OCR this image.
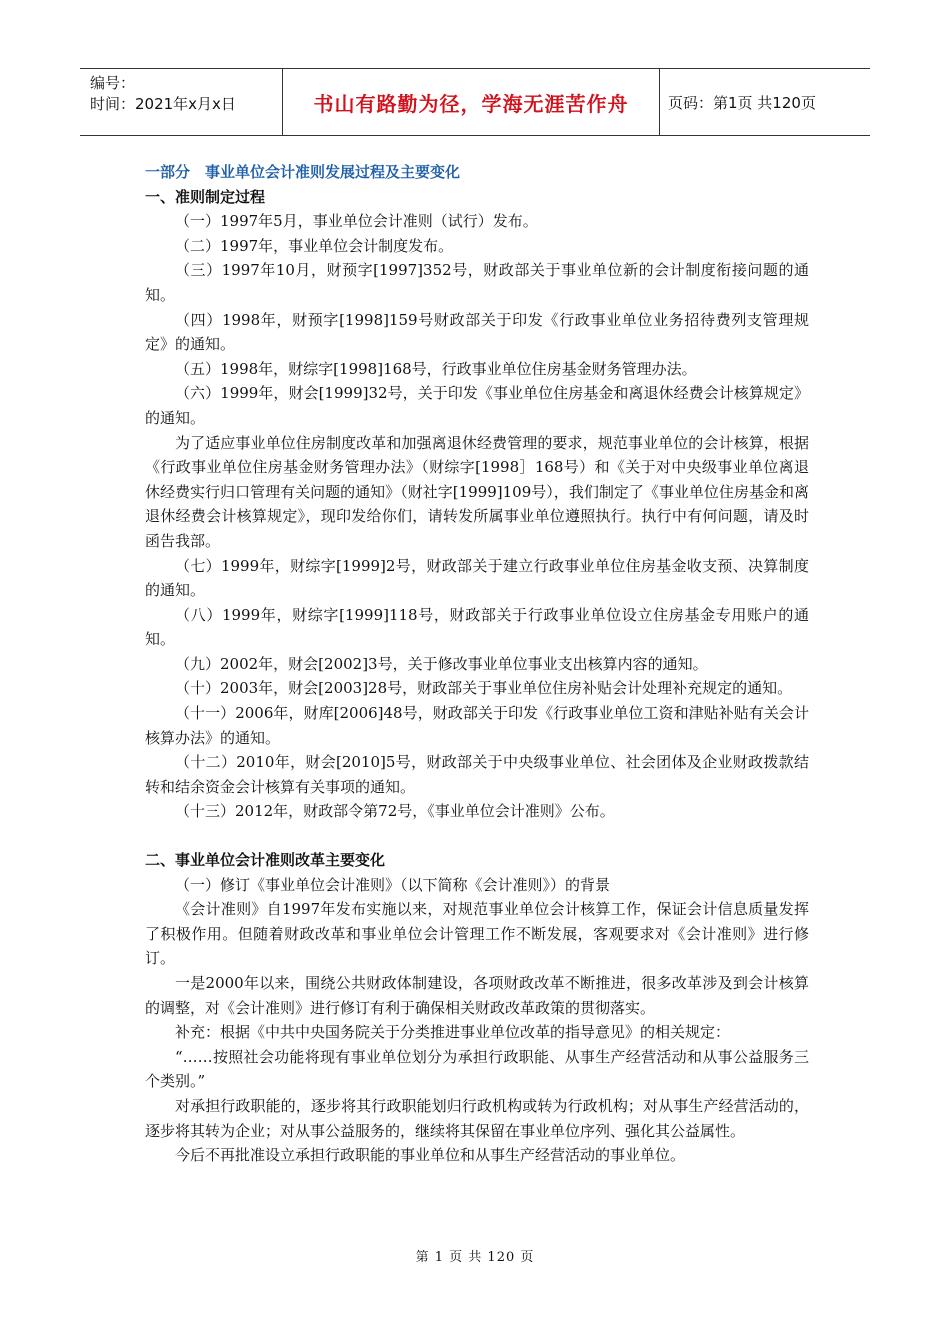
编号：
时间：2021年x月x日	书山有路勤为径，学海无涯苦作舟	页码：第1页 共120页

一部分　事业单位会计准则发展过程及主要变化

一、准则制定过程

（一）1997年5月，事业单位会计准则（试行）发布。

（二）1997年，事业单位会计制度发布。

（三）1997年10月，财预字[1997]352号，财政部关于事业单位新的会计制度衔接问题的通知。

（四）1998年，财预字[1998]159号财政部关于印发《行政事业单位业务招待费列支管理规定》的通知。

（五）1998年，财综字[1998]168号，行政事业单位住房基金财务管理办法。

（六）1999年，财会[1999]32号，关于印发《事业单位住房基金和离退休经费会计核算规定》的通知。

为了适应事业单位住房制度改革和加强离退休经费管理的要求，规范事业单位的会计核算，根据《行政事业单位住房基金财务管理办法》（财综字[1998］168号）和《关于对中央级事业单位离退休经费实行归口管理有关问题的通知》（财社字[1999]109号），我们制定了《事业单位住房基金和离退休经费会计核算规定》，现印发给你们，请转发所属事业单位遵照执行。执行中有何问题，请及时函告我部。

（七）1999年，财综字[1999]2号，财政部关于建立行政事业单位住房基金收支预、决算制度的通知。

（八）1999年，财综字[1999]118号，财政部关于行政事业单位设立住房基金专用账户的通知。

（九）2002年，财会[2002]3号，关于修改事业单位事业支出核算内容的通知。

（十）2003年，财会[2003]28号，财政部关于事业单位住房补贴会计处理补充规定的通知。

（十一）2006年，财库[2006]48号，财政部关于印发《行政事业单位工资和津贴补贴有关会计核算办法》的通知。

（十二）2010年，财会[2010]5号，财政部关于中央级事业单位、社会团体及企业财政拨款结转和结余资金会计核算有关事项的通知。

（十三）2012年，财政部令第72号，《事业单位会计准则》公布。

二、事业单位会计准则改革主要变化

（一）修订《事业单位会计准则》（以下简称《会计准则》）的背景

《会计准则》自1997年发布实施以来，对规范事业单位会计核算工作，保证会计信息质量发挥了积极作用。但随着财政改革和事业单位会计管理工作不断发展，客观要求对《会计准则》进行修订。

一是2000年以来，围绕公共财政体制建设，各项财政改革不断推进，很多改革涉及到会计核算的调整，对《会计准则》进行修订有利于确保相关财政改革政策的贯彻落实。

补充：根据《中共中央国务院关于分类推进事业单位改革的指导意见》的相关规定：

“……按照社会功能将现有事业单位划分为承担行政职能、从事生产经营活动和从事公益服务三个类别。”

对承担行政职能的，逐步将其行政职能划归行政机构或转为行政机构；对从事生产经营活动的，逐步将其转为企业；对从事公益服务的，继续将其保留在事业单位序列、强化其公益属性。

今后不再批准设立承担行政职能的事业单位和从事生产经营活动的事业单位。

第 1 页 共 120 页
